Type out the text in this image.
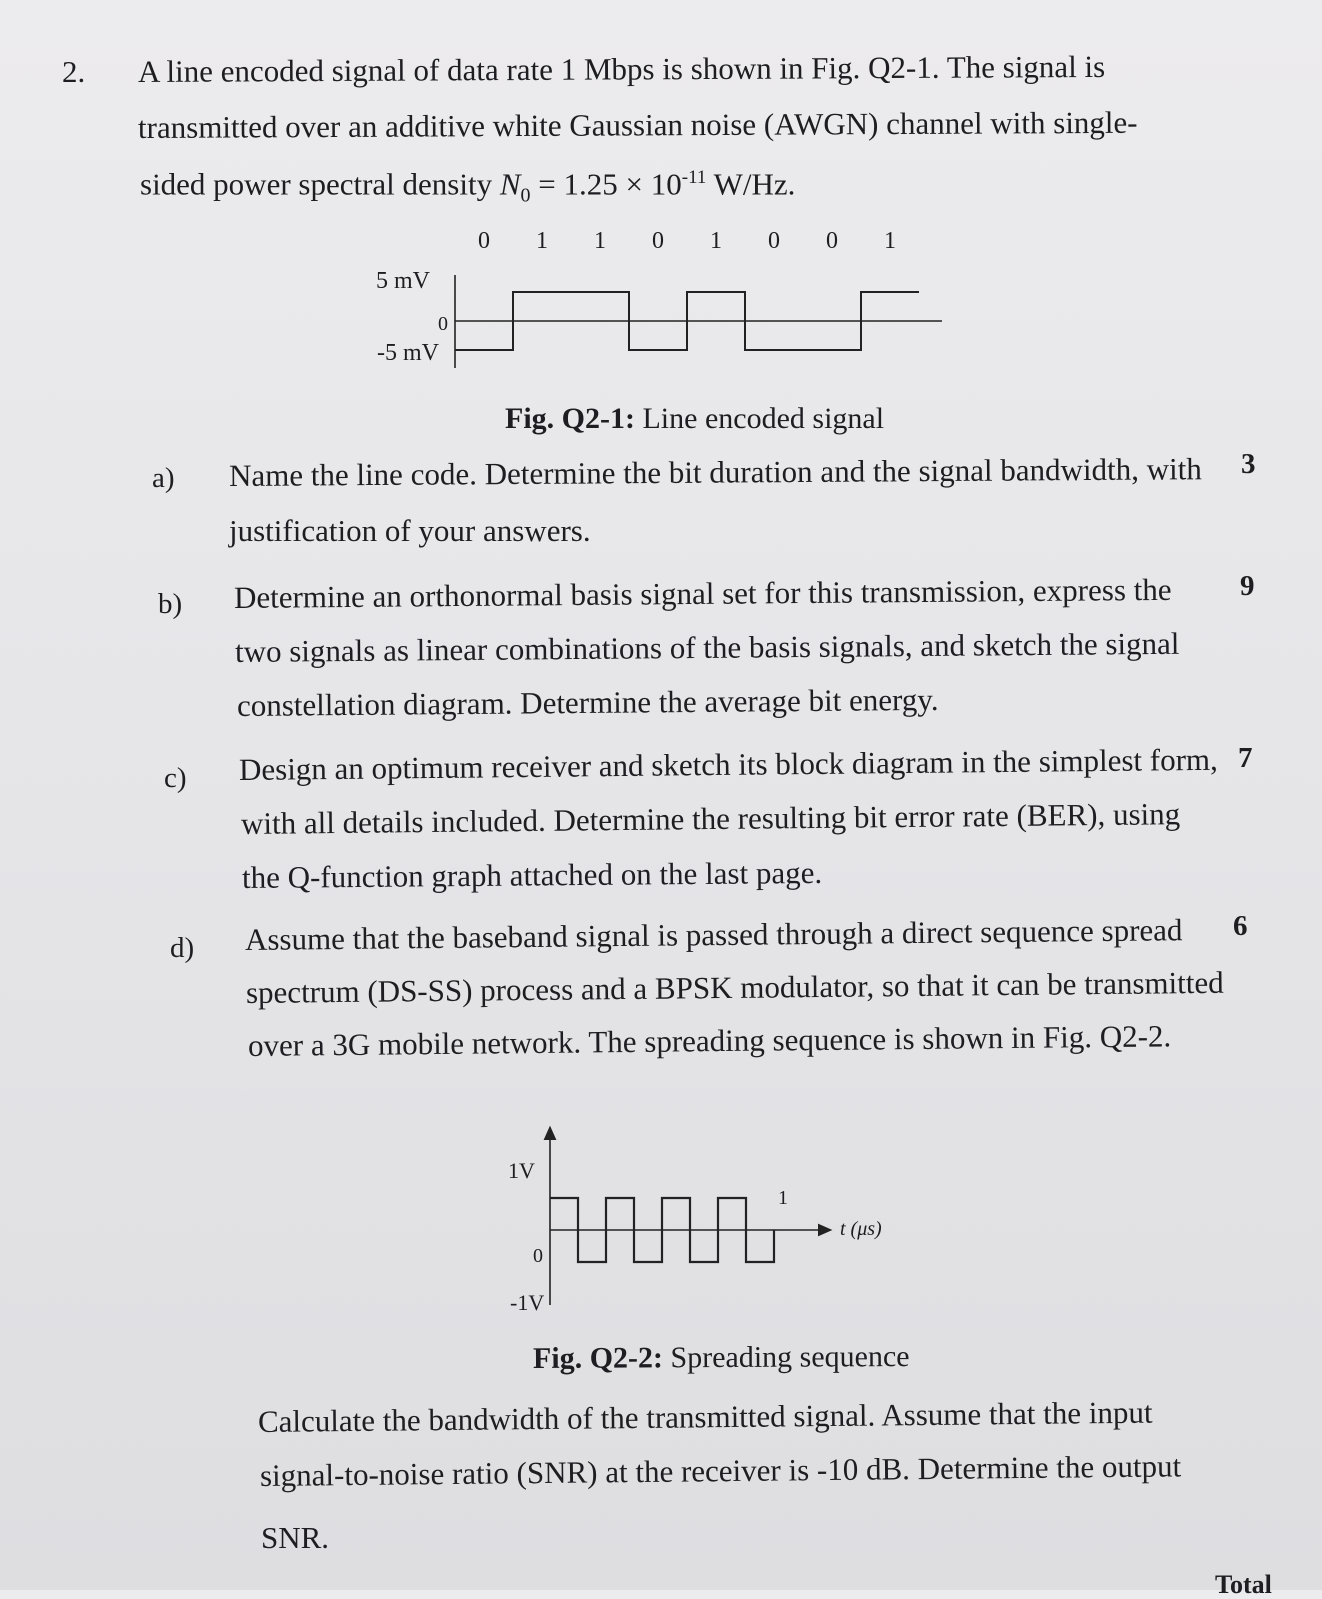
2. A line encoded signal of data rate 1 Mbps is shown in Fig. Q2-1. The signal is
transmitted over an additive white Gaussian noise (AWGN) channel with single-
sided power spectral density $N_0 = 1.25 \times 10^{-11}$ W/Hz.
0 1 1 0 1 0 0 1
5 mV
0
-5 mV
Fig. Q2-1: Line encoded signal
a) Name the line code. Determine the bit duration and the signal bandwidth, with
justification of your answers.
3
b) Determine an orthonormal basis signal set for this transmission, express the
two signals as linear combinations of the basis signals, and sketch the signal
constellation diagram. Determine the average bit energy.
9
c) Design an optimum receiver and sketch its block diagram in the simplest form,
with all details included. Determine the resulting bit error rate (BER), using
the Q-function graph attached on the last page.
7
d) Assume that the baseband signal is passed through a direct sequence spread
spectrum (DS-SS) process and a BPSK modulator, so that it can be transmitted
over a 3G mobile network. The spreading sequence is shown in Fig. Q2-2.
6
1V
0
-1V
1
t (μs)
Fig. Q2-2: Spreading sequence
Calculate the bandwidth of the transmitted signal. Assume that the input
signal-to-noise ratio (SNR) at the receiver is -10 dB. Determine the output
SNR.
Total
